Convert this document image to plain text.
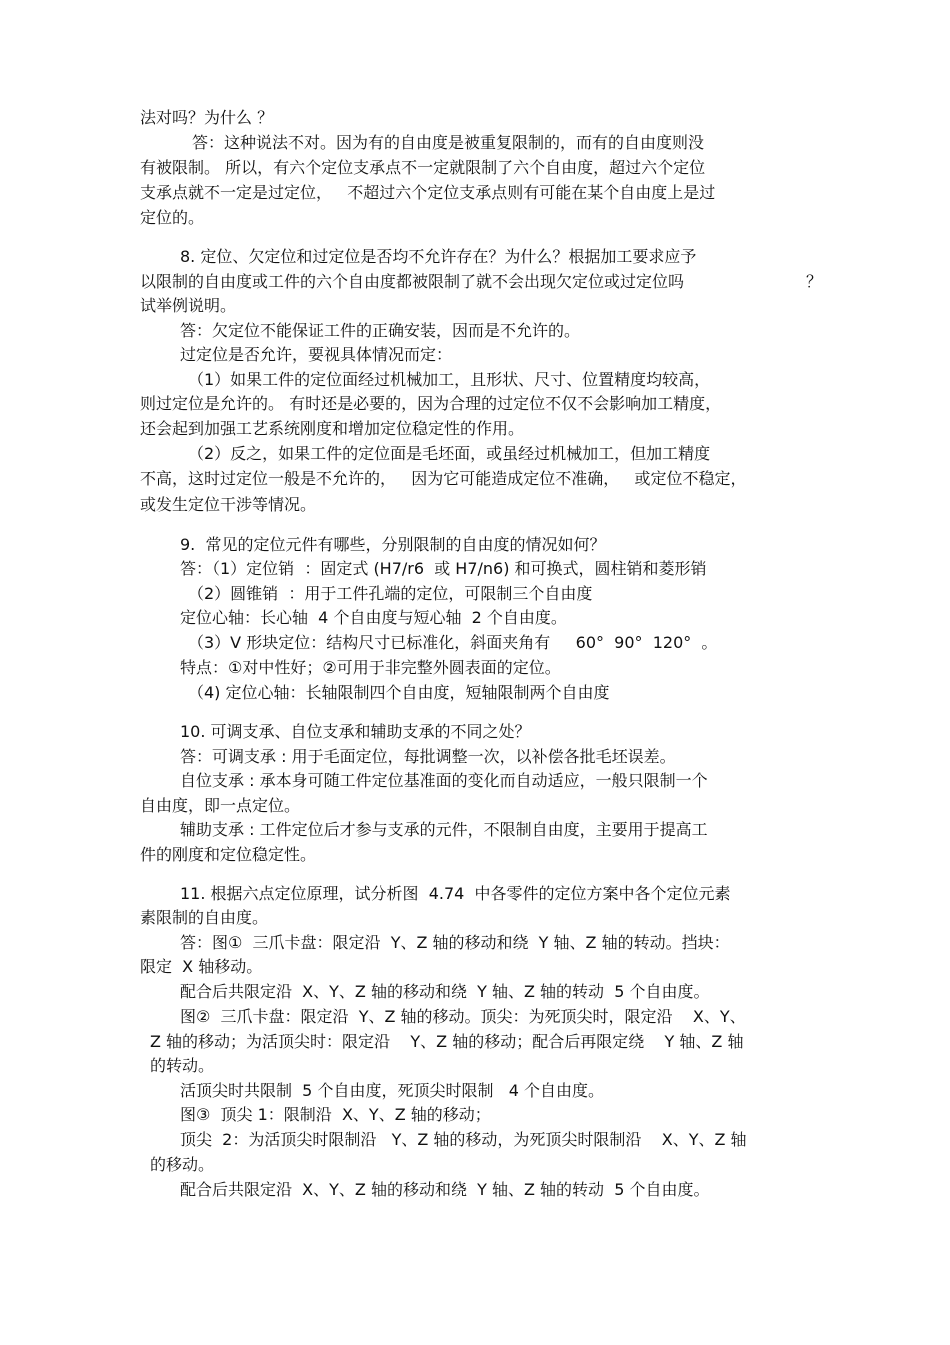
法对吗？为什么 ？
答：这种说法不对。因为有的自由度是被重复限制的，而有的自由度则没
有被限制。 所以，有六个定位支承点不一定就限制了六个自由度，超过六个定位
支承点就不一定是过定位，   不超过六个定位支承点则有可能在某个自由度上是过
定位的。
8. 定位、欠定位和过定位是否均不允许存在？为什么？根据加工要求应予
以限制的自由度或工件的六个自由度都被限制了就不会出现欠定位或过定位吗	？
试举例说明。
答：欠定位不能保证工件的正确安装，因而是不允许的。
过定位是否允许，要视具体情况而定：
（1）如果工件的定位面经过机械加工，且形状、尺寸、位置精度均较高，
则过定位是允许的。 有时还是必要的，因为合理的过定位不仅不会影响加工精度，
还会起到加强工艺系统刚度和增加定位稳定性的作用。
（2）反之，如果工件的定位面是毛坯面，或虽经过机械加工，但加工精度
不高，这时过定位一般是不允许的，   因为它可能造成定位不准确，   或定位不稳定，
或发生定位干涉等情况。
9.  常见的定位元件有哪些，分别限制的自由度的情况如何？
答：（1）定位销  ：固定式 (H7/r6  或 H7/n6) 和可换式，圆柱销和菱形销
（2）圆锥销  ：用于工件孔端的定位，可限制三个自由度
定位心轴：长心轴  4 个自由度与短心轴  2 个自由度。
（3）V 形块定位：结构尺寸已标准化，斜面夹角有     60°  90°  120°  。
特点：①对中性好；②可用于非完整外圆表面的定位。
（4) 定位心轴：长轴限制四个自由度，短轴限制两个自由度
10. 可调支承、自位支承和辅助支承的不同之处？
答：可调支承 : 用于毛面定位，每批调整一次，以补偿各批毛坯误差。
自位支承 : 承本身可随工件定位基准面的变化而自动适应，一般只限制一个
自由度，即一点定位。
辅助支承 : 工件定位后才参与支承的元件，不限制自由度，主要用于提高工
件的刚度和定位稳定性。
11. 根据六点定位原理，试分析图  4.74  中各零件的定位方案中各个定位元素
素限制的自由度。
答：图①  三爪卡盘：限定沿  Y、Z 轴的移动和绕  Y 轴、Z 轴的转动。挡块：
限定  X 轴移动。
配合后共限定沿  X、Y、Z 轴的移动和绕  Y 轴、Z 轴的转动  5 个自由度。
图②  三爪卡盘：限定沿  Y、Z 轴的移动。顶尖：为死顶尖时，限定沿    X、Y、
Z 轴的移动；为活顶尖时：限定沿    Y、Z 轴的移动；配合后再限定绕    Y 轴、Z 轴
的转动。
活顶尖时共限制  5 个自由度，死顶尖时限制   4 个自由度。
图③  顶尖 1：限制沿  X、Y、Z 轴的移动；
顶尖  2：为活顶尖时限制沿   Y、Z 轴的移动，为死顶尖时限制沿    X、Y、Z 轴
的移动。
配合后共限定沿  X、Y、Z 轴的移动和绕  Y 轴、Z 轴的转动  5 个自由度。
